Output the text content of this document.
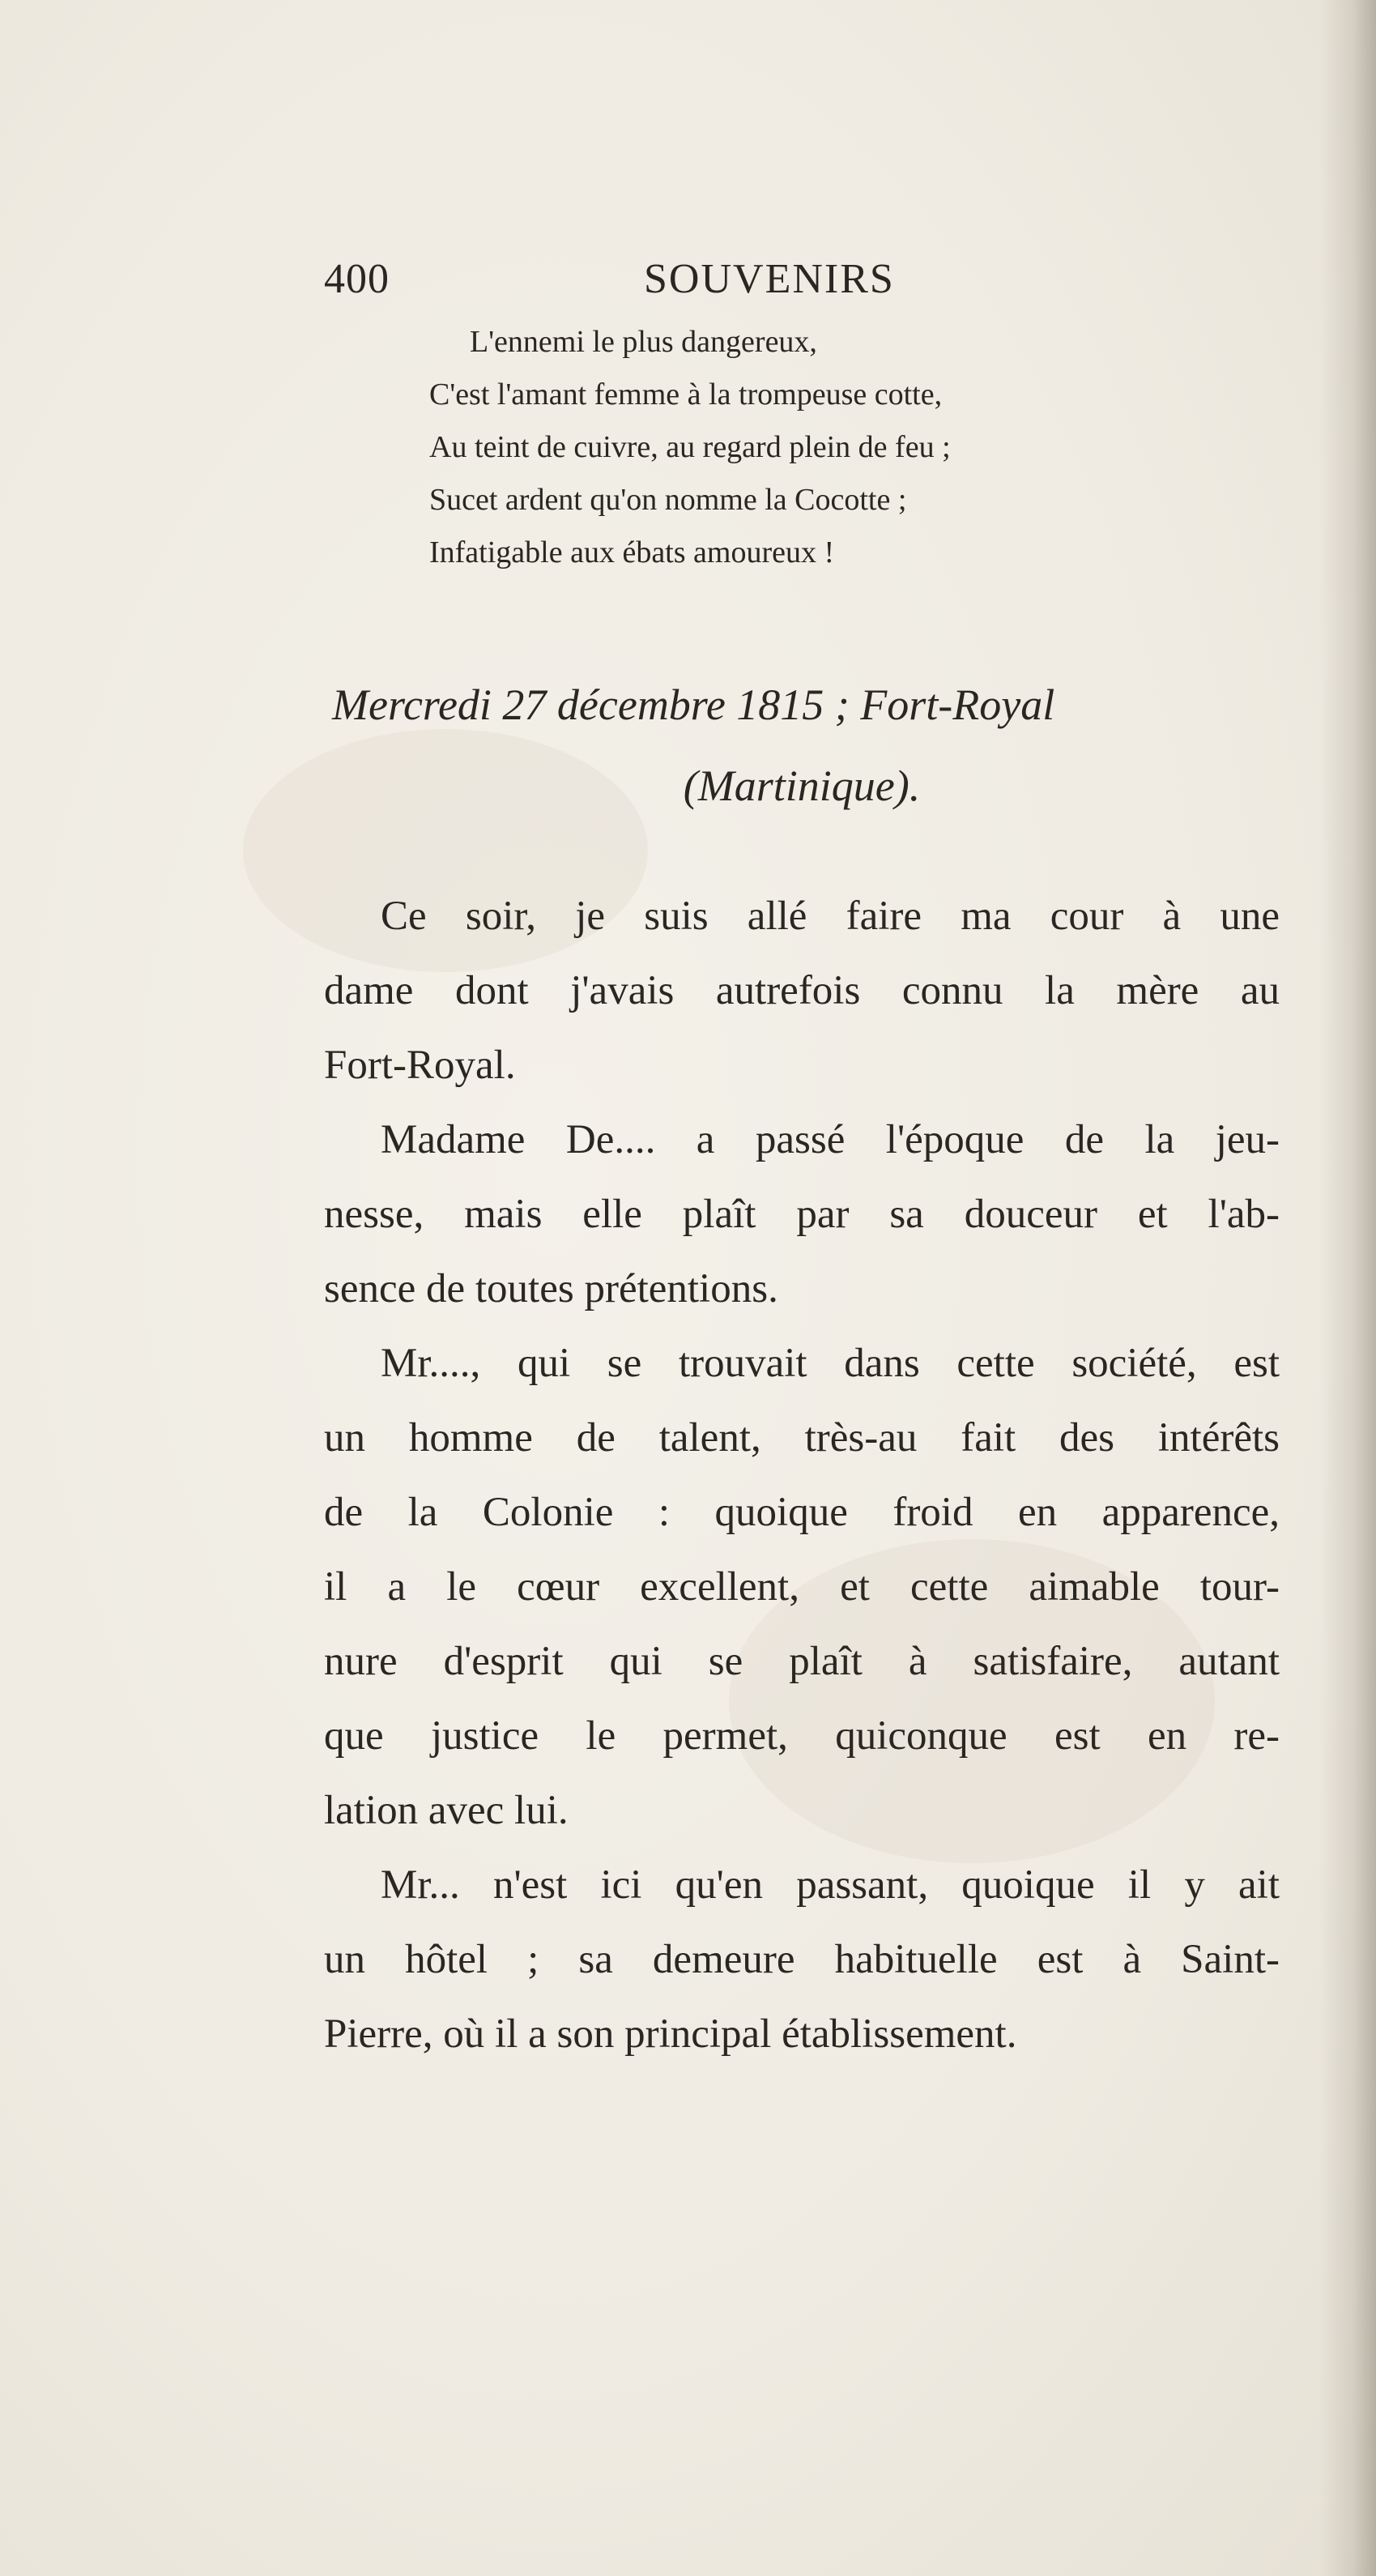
400	SOUVENIRS
L'ennemi le plus dangereux,
C'est l'amant femme à la trompeuse cotte,
Au teint de cuivre, au regard plein de feu ;
Sucet ardent qu'on nomme la Cocotte ;
Infatigable aux ébats amoureux !
Mercredi 27 décembre 1815 ; Fort-Royal
(Martinique).
Ce soir, je suis allé faire ma cour à une
dame dont j'avais autrefois connu la mère au
Fort-Royal.
Madame De.... a passé l'époque de la jeu-
nesse, mais elle plaît par sa douceur et l'ab-
sence de toutes prétentions.
Mr...., qui se trouvait dans cette société, est
un homme de talent, très-au fait des intérêts
de la Colonie : quoique froid en apparence,
il a le cœur excellent, et cette aimable tour-
nure d'esprit qui se plaît à satisfaire, autant
que justice le permet, quiconque est en re-
lation avec lui.
Mr... n'est ici qu'en passant, quoique il y ait
un hôtel ; sa demeure habituelle est à Saint-
Pierre, où il a son principal établissement.
